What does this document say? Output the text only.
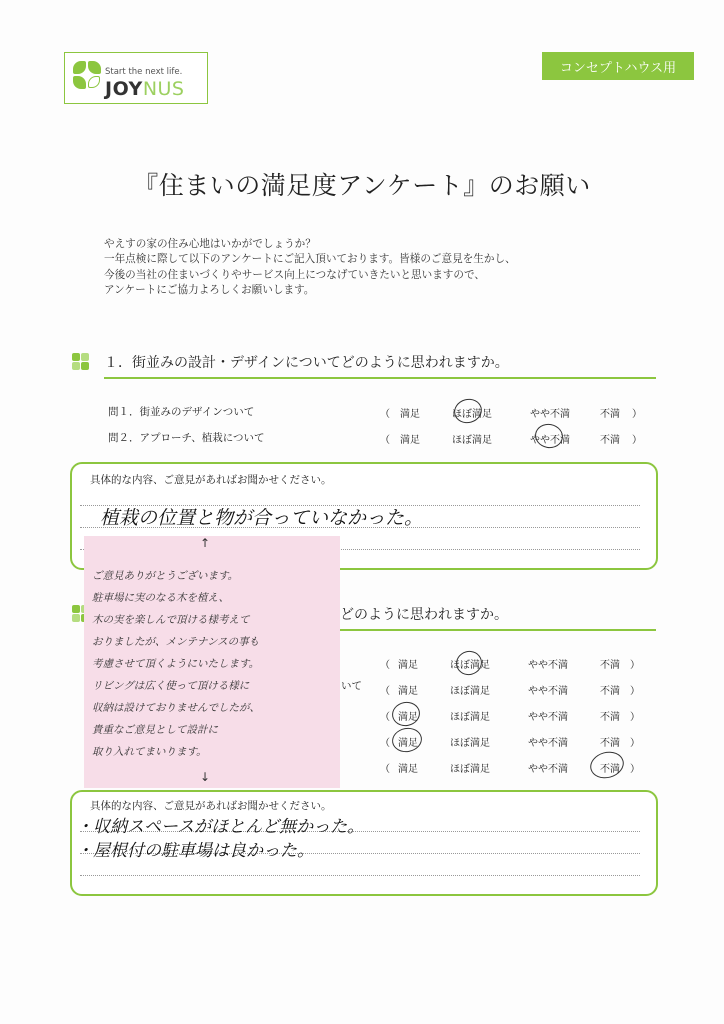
Start the next life.
JOYNUS
コンセプトハウス用
『住まいの満足度アンケート』のお願い
やえすの家の住み心地はいかがでしょうか？
一年点検に際して以下のアンケートにご記入頂いております。皆様のご意見を生かし、
今後の当社の住まいづくりやサービス向上につなげていきたいと思いますので、
アンケートにご協力よろしくお願いします。
１．街並みの設計・デザインについてどのように思われますか。
問１．街並みのデザインついて	（ 満足	ほぼ満足	やや不満	不満 ）
問２．アプローチ、植栽について	（ 満足	ほぼ満足	やや不満	不満 ）
具体的な内容、ご意見があればお聞かせください。
植栽の位置と物が合っていなかった。
どのように思われますか。
いて
（ 満足	ほぼ満足	やや不満	不満 ）
（ 満足	ほぼ満足	やや不満	不満 ）
（ 満足	ほぼ満足	やや不満	不満 ）
（ 満足	ほぼ満足	やや不満	不満 ）
（ 満足	ほぼ満足	やや不満	不満 ）
具体的な内容、ご意見があればお聞かせください。
・収納スペースがほとんど無かった。
・屋根付の駐車場は良かった。
↑
ご意見ありがとうございます。
駐車場に実のなる木を植え、
木の実を楽しんで頂ける様考えて
おりましたが、メンテナンスの事も
考慮させて頂くようにいたします。
リビングは広く使って頂ける様に
収納は設けておりませんでしたが、
貴重なご意見として設計に
取り入れてまいります。
↓
